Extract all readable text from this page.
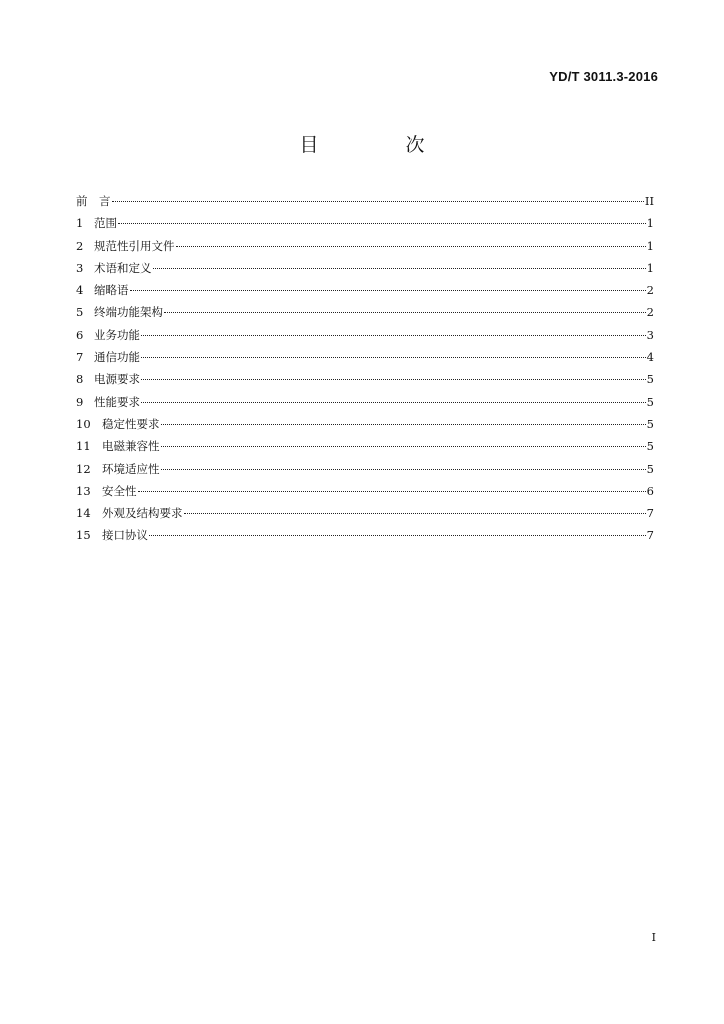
YD/T 3011.3-2016
目　次
前　言	II
1 范围	1
2 规范性引用文件	1
3 术语和定义	1
4 缩略语	2
5 终端功能架构	2
6 业务功能	3
7 通信功能	4
8 电源要求	5
9 性能要求	5
10 稳定性要求	5
11 电磁兼容性	5
12 环境适应性	5
13 安全性	6
14 外观及结构要求	7
15 接口协议	7
I
